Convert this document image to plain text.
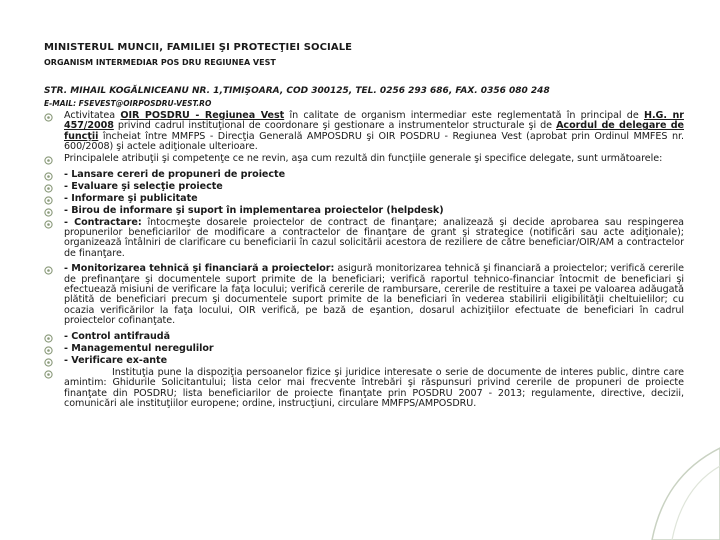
MINISTERUL MUNCII, FAMILIEI ŞI PROTECŢIEI SOCIALE
ORGANISM INTERMEDIAR POS DRU REGIUNEA VEST
STR. MIHAIL KOGĂLNICEANU NR. 1,TIMIŞOARA, COD 300125, TEL. 0256 293 686, FAX. 0356 080 248
E-MAIL: FSEVEST@OIRPOSDRU-VEST.RO
Activitatea OIR POSDRU - Regiunea Vest în calitate de organism intermediar este reglementată în principal de H.G. nr 457/2008 privind cadrul instituţional de coordonare şi gestionare a instrumentelor structurale şi de Acordul de delegare de funcţii încheiat între MMFPS - Direcţia Generală AMPOSDRU şi OIR POSDRU - Regiunea Vest (aprobat prin Ordinul MMFES nr. 600/2008) şi actele adiţionale ulterioare.
Principalele atribuţii şi competenţe ce ne revin, aşa cum rezultă din funcţiile generale şi specifice delegate, sunt următoarele:
- Lansare cereri de propuneri de proiecte
- Evaluare şi selecţie proiecte
- Informare şi publicitate
- Birou de informare şi suport în implementarea proiectelor (helpdesk)
- Contractare: întocmeşte dosarele proiectelor de contract de finanţare; analizează şi decide aprobarea sau respingerea propunerilor beneficiarilor de modificare a contractelor de finanţare de grant şi strategice (notificări sau acte adiţionale); organizează întâlniri de clarificare cu beneficiarii în cazul solicitării acestora de reziliere de către beneficiar/OIR/AM a contractelor de finanţare.
- Monitorizarea tehnică şi financiară a proiectelor: asigură monitorizarea tehnică şi financiară a proiectelor; verifică cererile de prefinanţare şi documentele suport primite de la beneficiari; verifică raportul tehnico-financiar întocmit de beneficiari şi efectuează misiuni de verificare la faţa locului; verifică cererile de rambursare, cererile de restituire a taxei pe valoarea adăugată plătită de beneficiari precum şi documentele suport primite de la beneficiari în vederea stabilirii eligibilităţii cheltuielilor; cu ocazia verificărilor la faţa locului, OIR verifică, pe bază de eşantion, dosarul achiziţiilor efectuate de beneficiari în cadrul proiectelor cofinanţate.
- Control antifraudă
- Managementul neregulilor
- Verificare ex-ante
Instituţia pune la dispoziţia persoanelor fizice şi juridice interesate o serie de documente de interes public, dintre care amintim: Ghidurile Solicitantului; lista celor mai frecvente întrebări şi răspunsuri privind cererile de propuneri de proiecte finanţate din POSDRU; lista beneficiarilor de proiecte finanţate prin POSDRU 2007 - 2013; regulamente, directive, decizii, comunicări ale instituţiilor europene; ordine, instrucţiuni, circulare MMFPS/AMPOSDRU.
